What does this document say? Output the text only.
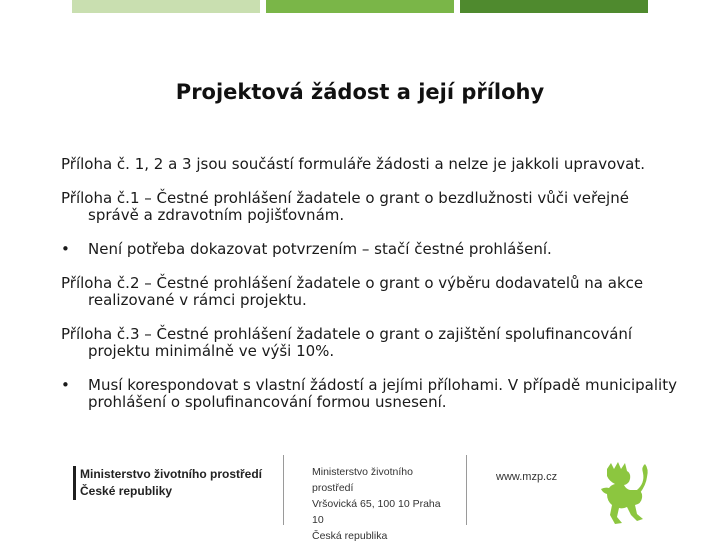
Projektová žádost a její přílohy

Příloha č. 1, 2 a 3 jsou součástí formuláře žádosti a nelze je jakkoli upravovat.

Příloha č.1 – Čestné prohlášení žadatele o grant o bezdlužnosti vůči veřejné správě a zdravotním pojišťovnám.

• Není potřeba dokazovat potvrzením – stačí čestné prohlášení.

Příloha č.2 – Čestné prohlášení žadatele o grant o výběru dodavatelů na akce realizované v rámci projektu.

Příloha č.3 – Čestné prohlášení žadatele o grant o zajištění spolufinancování projektu minimálně ve výši 10%.

• Musí korespondovat s vlastní žádostí a jejími přílohami. V případě municipality prohlášení o spolufinancování formou usnesení.
Ministerstvo životního prostředí
České republiky
Ministerstvo životního prostředí
Vršovická 65, 100 10 Praha 10
Česká republika
www.mzp.cz
